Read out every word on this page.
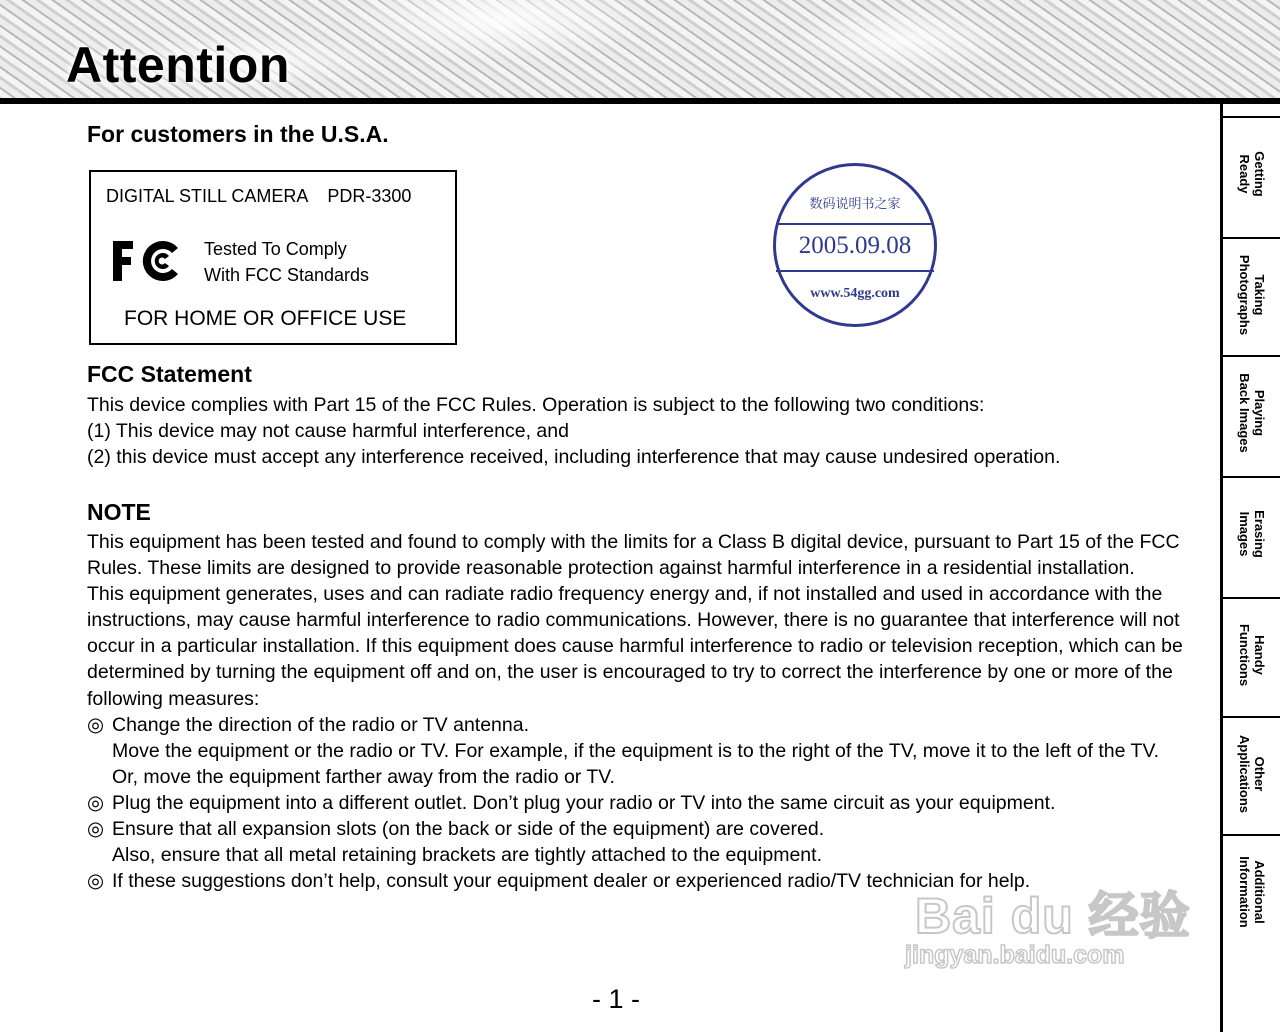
Attention
Getting
Ready
Taking
Photographs
Playing
Back Images
Erasing
Images
Handy
Functions
Other
Applications
Additional
Information
For customers in the U.S.A.
DIGITAL STILL CAMERA    PDR-3300
Tested To Comply
With FCC Standards
FOR HOME OR OFFICE USE
数码说明书之家
2005.09.08
www.54gg.com
FCC Statement

This device complies with Part 15 of the FCC Rules. Operation is subject to the following two conditions:

(1) This device may not cause harmful interference, and

(2) this device must accept any interference received, including interference that may cause undesired operation.

NOTE

This equipment has been tested and found to comply with the limits for a Class B digital device, pursuant to Part 15 of the FCC Rules. These limits are designed to provide reasonable protection against harmful interference in a residential installation.

This equipment generates, uses and can radiate radio frequency energy and, if not installed and used in accordance with the instructions, may cause harmful interference to radio communications. However, there is no guarantee that interference will not occur in a particular installation. If this equipment does cause harmful interference to radio or television reception, which can be determined by turning the equipment off and on, the user is encouraged to try to correct the interference by one or more of the following measures:

◎ Change the direction of the radio or TV antenna.
Move the equipment or the radio or TV. For example, if the equipment is to the right of the TV, move it to the left of the TV.
Or, move the equipment farther away from the radio or TV.
◎ Plug the equipment into a different outlet. Don’t plug your radio or TV into the same circuit as your equipment.
◎ Ensure that all expansion slots (on the back or side of the equipment) are covered.
Also, ensure that all metal retaining brackets are tightly attached to the equipment.
◎ If these suggestions don’t help, consult your equipment dealer or experienced radio/TV technician for help.
Bai du 经验
jingyan.baidu.com
- 1 -
